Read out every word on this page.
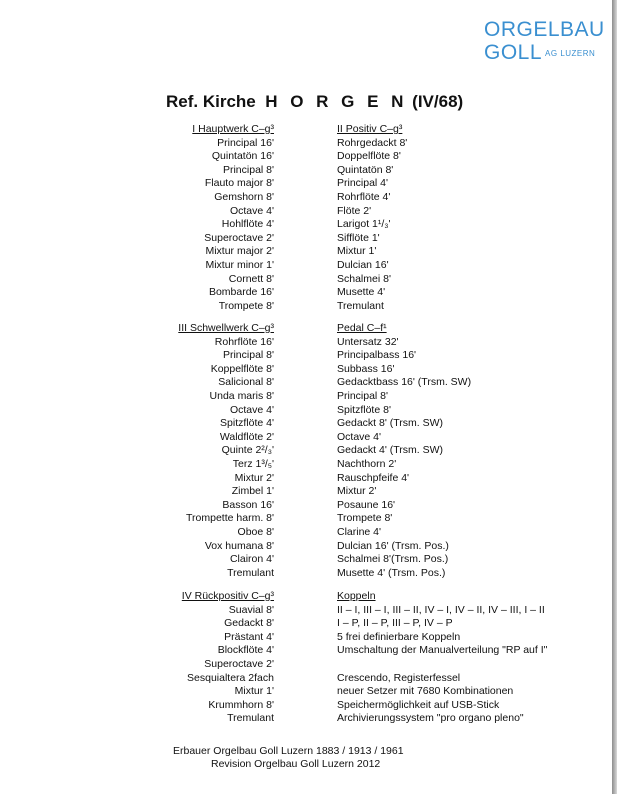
ORGELBAU
GOLL AG LUZERN
Ref. Kirche H O R G E N (IV/68)
I Hauptwerk C–g³
Principal 16'
Quintatön 16'
Principal 8'
Flauto major 8'
Gemshorn 8'
Octave 4'
Hohlflöte 4'
Superoctave 2'
Mixtur major 2'
Mixtur minor 1'
Cornett 8'
Bombarde 16'
Trompete 8'
II Positiv C–g³
Rohrgedackt 8'
Doppelflöte 8'
Quintatön 8'
Principal 4'
Rohrflöte 4'
Flöte 2'
Larigot 1¹/₃'
Sifflöte 1'
Mixtur 1'
Dulcian 16'
Schalmei 8'
Musette 4'
Tremulant
III Schwellwerk C–g³
Rohrflöte 16'
Principal 8'
Koppelflöte 8'
Salicional 8'
Unda maris 8'
Octave 4'
Spitzflöte 4'
Waldflöte 2'
Quinte 2²/₃'
Terz 1³/₅'
Mixtur 2'
Zimbel 1'
Basson 16'
Trompette harm. 8'
Oboe 8'
Vox humana 8'
Clairon 4'
Tremulant
Pedal C–f¹
Untersatz 32'
Principalbass 16'
Subbass 16'
Gedacktbass 16' (Trsm. SW)
Principal 8'
Spitzflöte 8'
Gedackt 8' (Trsm. SW)
Octave 4'
Gedackt 4' (Trsm. SW)
Nachthorn 2'
Rauschpfeife 4'
Mixtur 2'
Posaune 16'
Trompete 8'
Clarine 4'
Dulcian 16' (Trsm. Pos.)
Schalmei 8'(Trsm. Pos.)
Musette 4' (Trsm. Pos.)
IV Rückpositiv C–g³
Suavial 8'
Gedackt 8'
Prästant 4'
Blockflöte 4'
Superoctave 2'
Sesquialtera 2fach
Mixtur 1'
Krummhorn 8'
Tremulant
Koppeln
II – I, III – I, III – II, IV – I, IV – II, IV – III, I – II
I – P, II – P, III – P, IV – P
5 frei definierbare Koppeln
Umschaltung der Manualverteilung "RP auf I"
Crescendo, Registerfessel
neuer Setzer mit 7680 Kombinationen
Speichermöglichkeit auf USB-Stick
Archivierungssystem "pro organo pleno"
Erbauer Orgelbau Goll Luzern 1883 / 1913 / 1961
Revision Orgelbau Goll Luzern 2012
